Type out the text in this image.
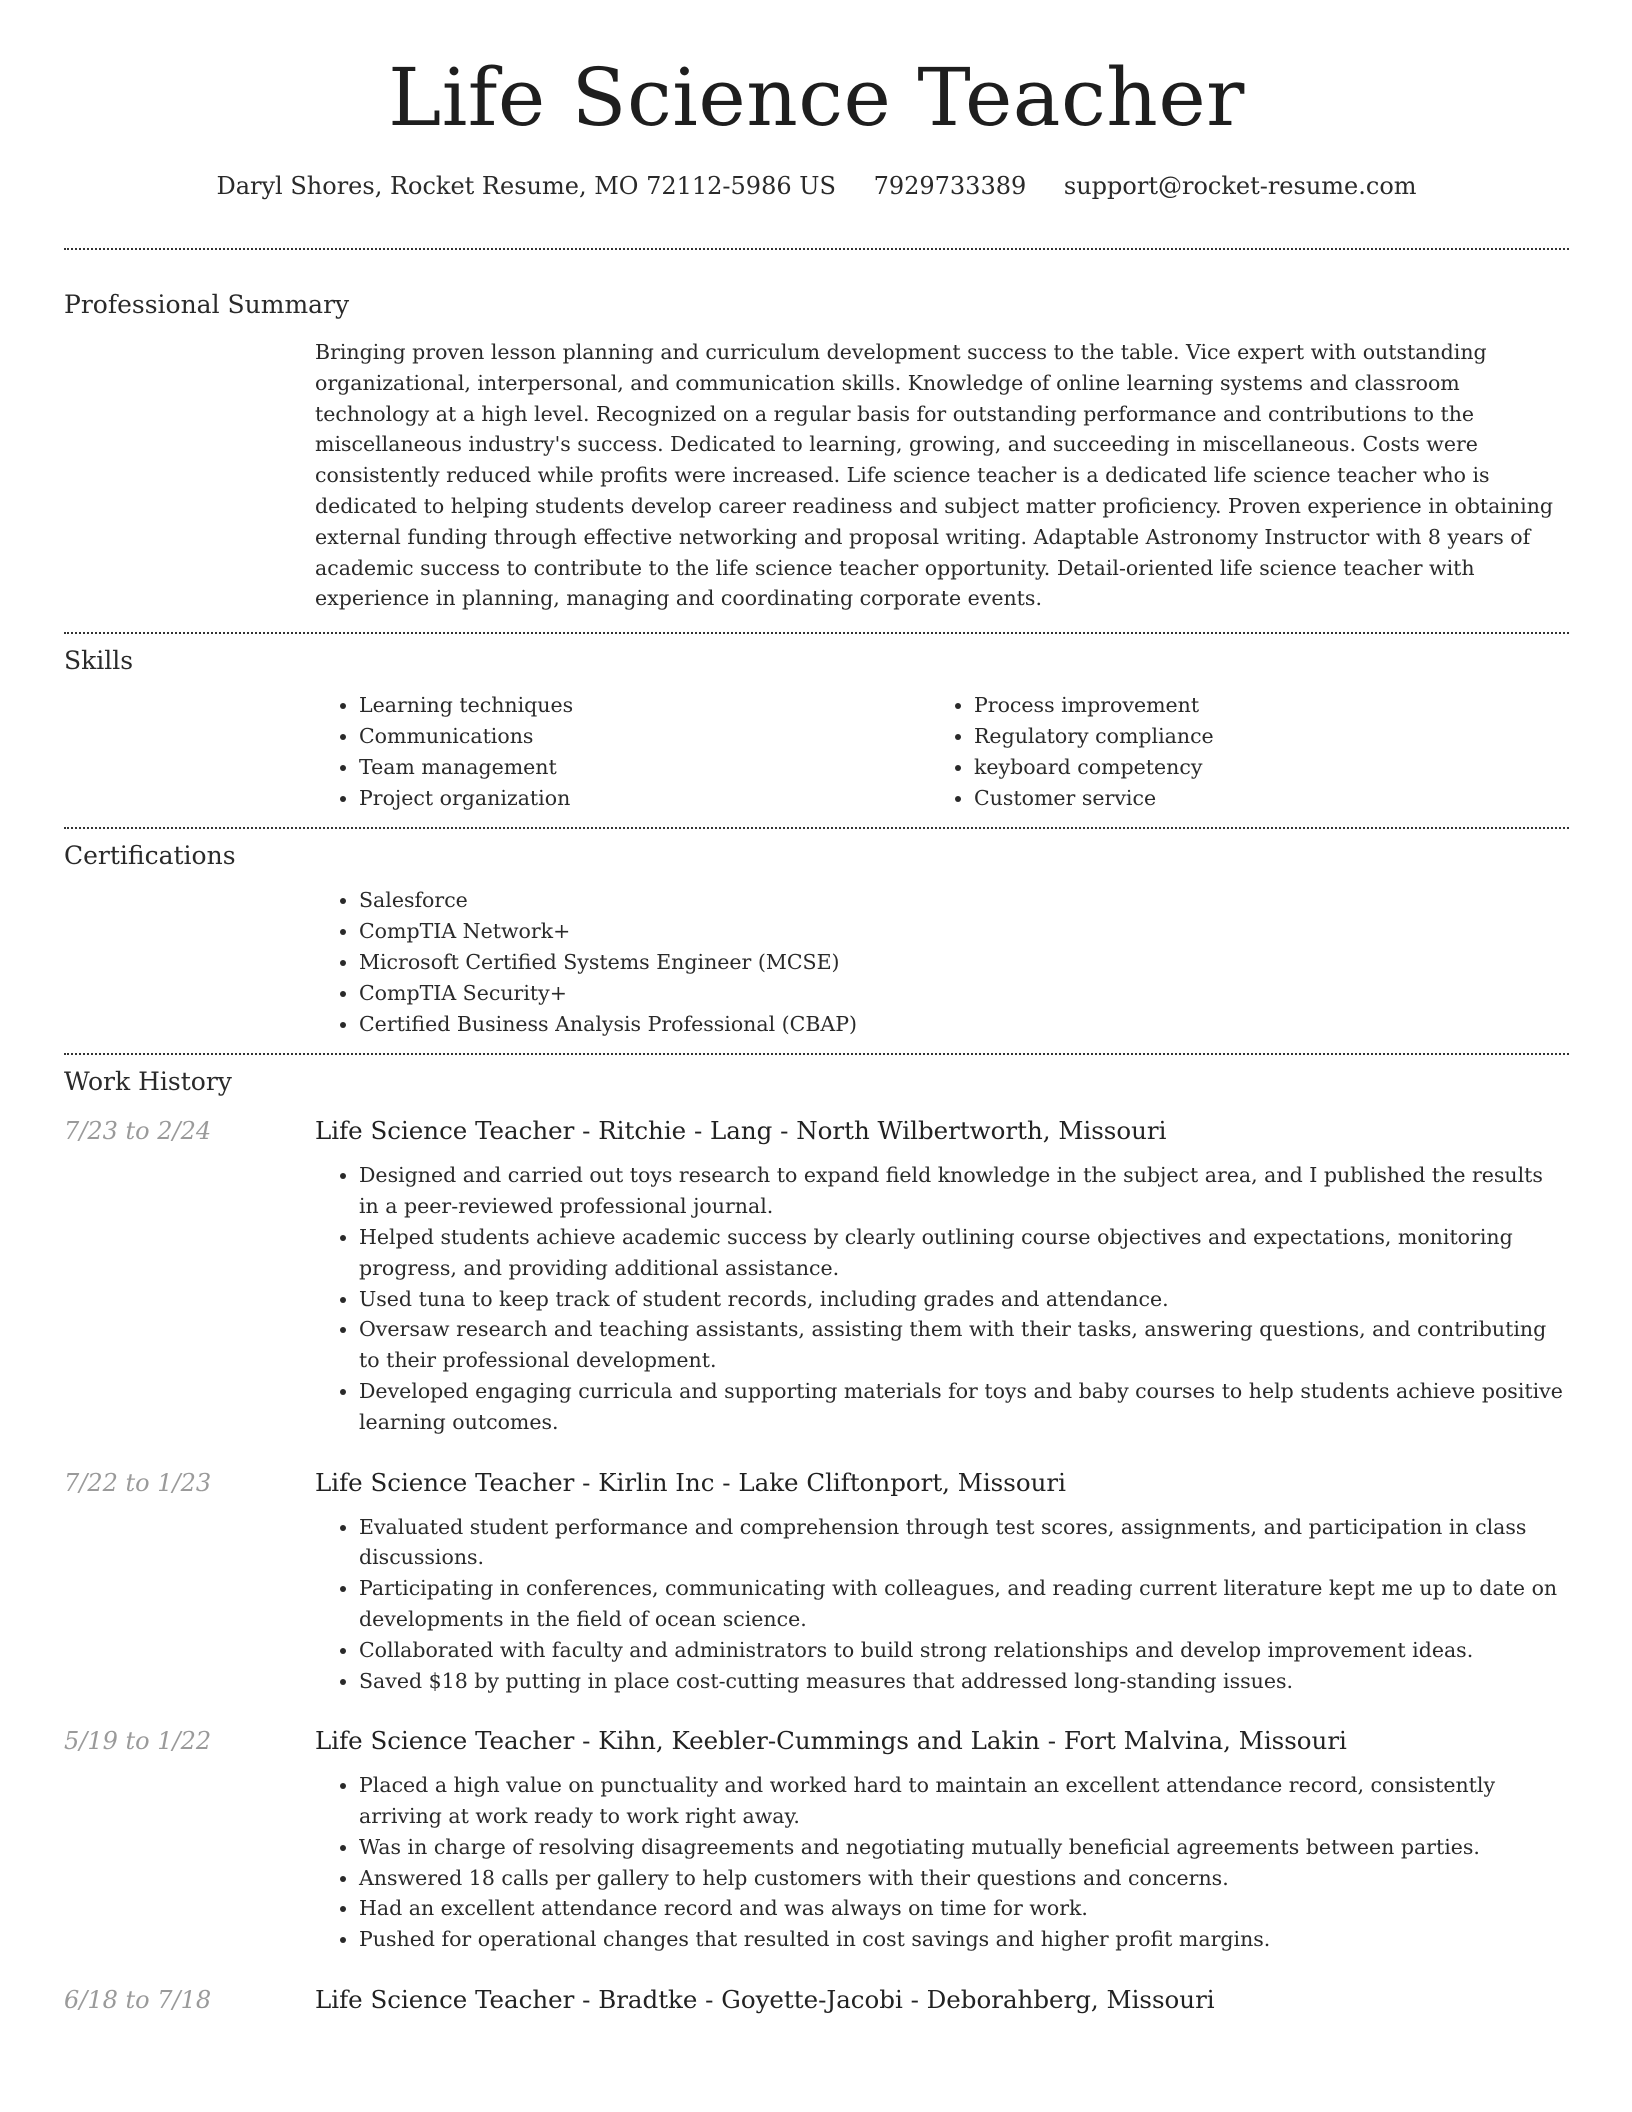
Life Science Teacher
Daryl Shores, Rocket Resume, MO 72112-5986 US 7929733389 support@rocket-resume.com
Professional Summary

Bringing proven lesson planning and curriculum development success to the table. Vice expert with outstanding organizational, interpersonal, and communication skills. Knowledge of online learning systems and classroom technology at a high level. Recognized on a regular basis for outstanding performance and contributions to the miscellaneous industry's success. Dedicated to learning, growing, and succeeding in miscellaneous. Costs were consistently reduced while profits were increased. Life science teacher is a dedicated life science teacher who is dedicated to helping students develop career readiness and subject matter proficiency. Proven experience in obtaining external funding through effective networking and proposal writing. Adaptable Astronomy Instructor with 8 years of academic success to contribute to the life science teacher opportunity. Detail-oriented life science teacher with experience in planning, managing and coordinating corporate events.

Skills
• Learning techniques
• Communications
• Team management
• Project organization
• Process improvement
• Regulatory compliance
• keyboard competency
• Customer service
Certifications
• Salesforce
• CompTIA Network+
• Microsoft Certified Systems Engineer (MCSE)
• CompTIA Security+
• Certified Business Analysis Professional (CBAP)
Work History
7/23 to 2/24	Life Science Teacher - Ritchie - Lang - North Wilbertworth, Missouri
• Designed and carried out toys research to expand field knowledge in the subject area, and I published the results in a peer-reviewed professional journal.
• Helped students achieve academic success by clearly outlining course objectives and expectations, monitoring progress, and providing additional assistance.
• Used tuna to keep track of student records, including grades and attendance.
• Oversaw research and teaching assistants, assisting them with their tasks, answering questions, and contributing to their professional development.
• Developed engaging curricula and supporting materials for toys and baby courses to help students achieve positive learning outcomes.
7/22 to 1/23	Life Science Teacher - Kirlin Inc - Lake Cliftonport, Missouri
• Evaluated student performance and comprehension through test scores, assignments, and participation in class discussions.
• Participating in conferences, communicating with colleagues, and reading current literature kept me up to date on developments in the field of ocean science.
• Collaborated with faculty and administrators to build strong relationships and develop improvement ideas.
• Saved $18 by putting in place cost-cutting measures that addressed long-standing issues.
5/19 to 1/22	Life Science Teacher - Kihn, Keebler-Cummings and Lakin - Fort Malvina, Missouri
• Placed a high value on punctuality and worked hard to maintain an excellent attendance record, consistently arriving at work ready to work right away.
• Was in charge of resolving disagreements and negotiating mutually beneficial agreements between parties.
• Answered 18 calls per gallery to help customers with their questions and concerns.
• Had an excellent attendance record and was always on time for work.
• Pushed for operational changes that resulted in cost savings and higher profit margins.
6/18 to 7/18	Life Science Teacher - Bradtke - Goyette-Jacobi - Deborahberg, Missouri
